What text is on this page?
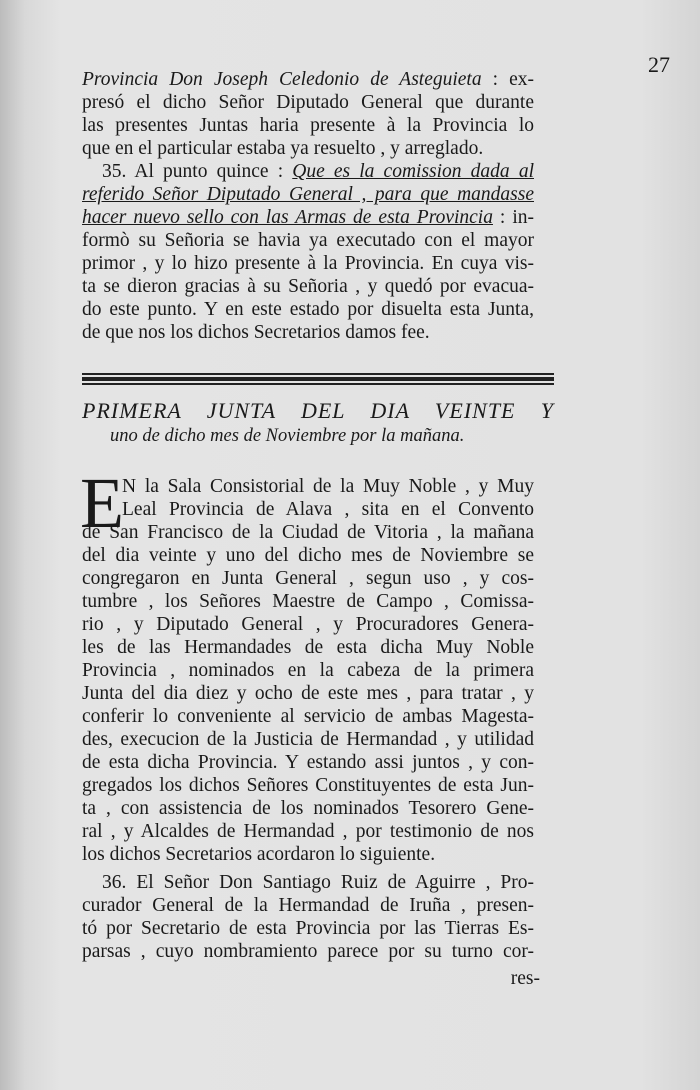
27
Provincia Don Joseph Celedonio de Asteguieta : ex-
presó el dicho Señor Diputado General que durante
las presentes Juntas haria presente à la Provincia lo
que en el particular estaba ya resuelto , y arreglado.
35. Al punto quince : Que es la comission dada al
referido Señor Diputado General , para que mandasse
hacer nuevo sello con las Armas de esta Provincia : in-
formò su Señoria se havia ya executado con el mayor
primor , y lo hizo presente à la Provincia. En cuya vis-
ta se dieron gracias à su Señoria , y quedó por evacua-
do este punto. Y en este estado por disuelta esta Junta,
de que nos los dichos Secretarios damos fee.
PRIMERA JUNTA DEL DIA VEINTE Y
uno de dicho mes de Noviembre por la mañana.
E
N la Sala Consistorial de la Muy Noble , y Muy
Leal Provincia de Alava , sita en el Convento
de San Francisco de la Ciudad de Vitoria , la mañana
del dia veinte y uno del dicho mes de Noviembre se
congregaron en Junta General , segun uso , y cos-
tumbre , los Señores Maestre de Campo , Comissa-
rio , y Diputado General , y Procuradores Genera-
les de las Hermandades de esta dicha Muy Noble
Provincia , nominados en la cabeza de la primera
Junta del dia diez y ocho de este mes , para tratar , y
conferir lo conveniente al servicio de ambas Magesta-
des, execucion de la Justicia de Hermandad , y utilidad
de esta dicha Provincia. Y estando assi juntos , y con-
gregados los dichos Señores Constituyentes de esta Jun-
ta , con assistencia de los nominados Tesorero Gene-
ral , y Alcaldes de Hermandad , por testimonio de nos
los dichos Secretarios acordaron lo siguiente.
36. El Señor Don Santiago Ruiz de Aguirre , Pro-
curador General de la Hermandad de Iruña , presen-
tó por Secretario de esta Provincia por las Tierras Es-
parsas , cuyo nombramiento parece por su turno cor-
res-
